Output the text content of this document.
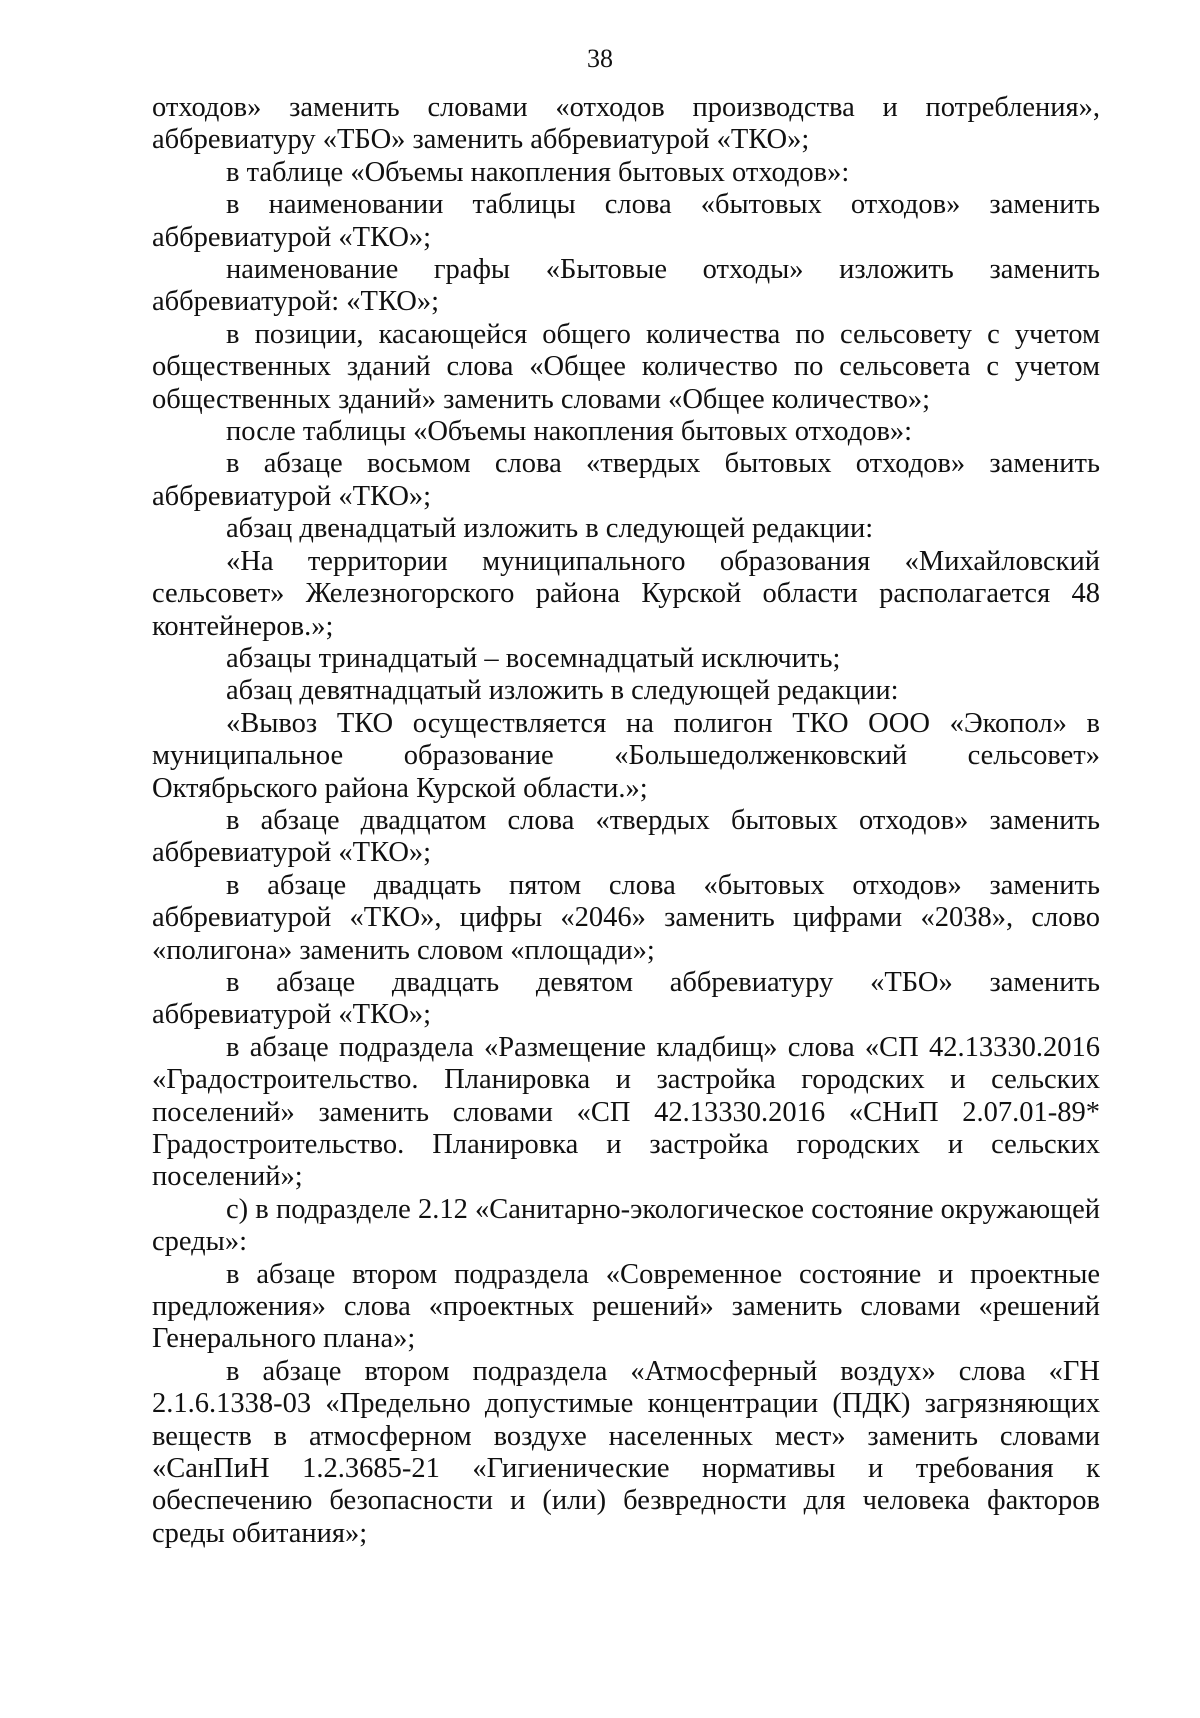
38

отходов» заменить словами «отходов производства и потребления», аббревиатуру «ТБО» заменить аббревиатурой «ТКО»;

в таблице «Объемы накопления бытовых отходов»:

в наименовании таблицы слова «бытовых отходов» заменить аббревиатурой «ТКО»;

наименование графы «Бытовые отходы» изложить заменить аббревиатурой: «ТКО»;

в позиции, касающейся общего количества по сельсовету с учетом общественных зданий слова «Общее количество по сельсовета с учетом общественных зданий» заменить словами «Общее количество»;

после таблицы «Объемы накопления бытовых отходов»:

в абзаце восьмом слова «твердых бытовых отходов» заменить аббревиатурой «ТКО»;

абзац двенадцатый изложить в следующей редакции:

«На территории муниципального образования «Михайловский сельсовет» Железногорского района Курской области располагается 48 контейнеров.»;

абзацы тринадцатый – восемнадцатый исключить;

абзац девятнадцатый изложить в следующей редакции:

«Вывоз ТКО осуществляется на полигон ТКО ООО «Экопол» в муниципальное образование «Большедолженковский сельсовет» Октябрьского района Курской области.»;

в абзаце двадцатом слова «твердых бытовых отходов» заменить аббревиатурой «ТКО»;

в абзаце двадцать пятом слова «бытовых отходов» заменить аббревиатурой «ТКО», цифры «2046» заменить цифрами «2038», слово «полигона» заменить словом «площади»;

в абзаце двадцать девятом аббревиатуру «ТБО» заменить аббревиатурой «ТКО»;

в абзаце подраздела «Размещение кладбищ» слова «СП 42.13330.2016 «Градостроительство. Планировка и застройка городских и сельских поселений» заменить словами «СП 42.13330.2016 «СНиП 2.07.01-89* Градостроительство. Планировка и застройка городских и сельских поселений»;

с) в подразделе 2.12 «Санитарно-экологическое состояние окружающей среды»:

в абзаце втором подраздела «Современное состояние и проектные предложения» слова «проектных решений» заменить словами «решений Генерального плана»;

в абзаце втором подраздела «Атмосферный воздух» слова «ГН 2.1.6.1338-03 «Предельно допустимые концентрации (ПДК) загрязняющих веществ в атмосферном воздухе населенных мест» заменить словами «СанПиН 1.2.3685-21 «Гигиенические нормативы и требования к обеспечению безопасности и (или) безвредности для человека факторов среды обитания»;
